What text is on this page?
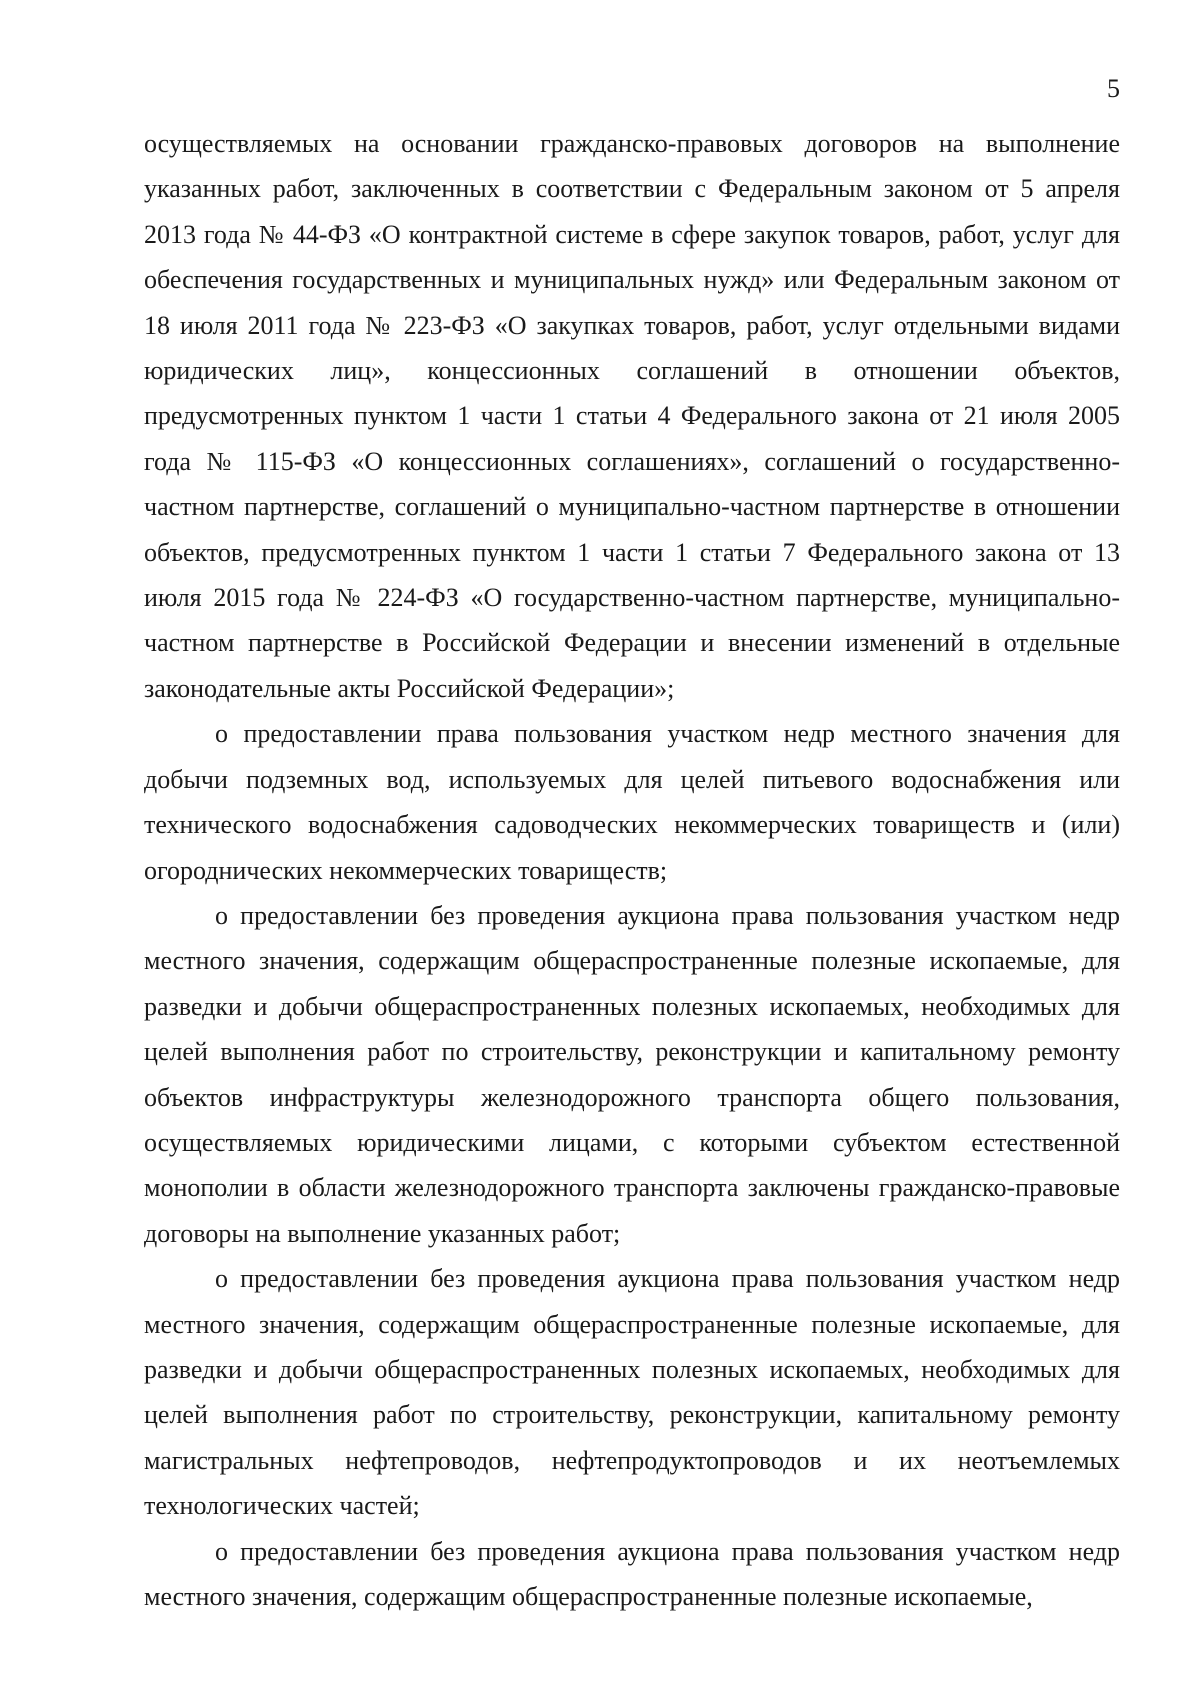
5

осуществляемых на основании гражданско-правовых договоров на выполнение указанных работ, заключенных в соответствии с Федеральным законом от 5 апреля 2013 года № 44-ФЗ «О контрактной системе в сфере закупок товаров, работ, услуг для обеспечения государственных и муниципальных нужд» или Федеральным законом от 18 июля 2011 года № 223-ФЗ «О закупках товаров, работ, услуг отдельными видами юридических лиц», концессионных соглашений в отношении объектов, предусмотренных пунктом 1 части 1 статьи 4 Федерального закона от 21 июля 2005 года № 115-ФЗ «О концессионных соглашениях», соглашений о государственно-частном партнерстве, соглашений о муниципально-частном партнерстве в отношении объектов, предусмотренных пунктом 1 части 1 статьи 7 Федерального закона от 13 июля 2015 года № 224-ФЗ «О государственно-частном партнерстве, муниципально-частном партнерстве в Российской Федерации и внесении изменений в отдельные законодательные акты Российской Федерации»;

о предоставлении права пользования участком недр местного значения для добычи подземных вод, используемых для целей питьевого водоснабжения или технического водоснабжения садоводческих некоммерческих товариществ и (или) огороднических некоммерческих товариществ;

о предоставлении без проведения аукциона права пользования участком недр местного значения, содержащим общераспространенные полезные ископаемые, для разведки и добычи общераспространенных полезных ископаемых, необходимых для целей выполнения работ по строительству, реконструкции и капитальному ремонту объектов инфраструктуры железнодорожного транспорта общего пользования, осуществляемых юридическими лицами, с которыми субъектом естественной монополии в области железнодорожного транспорта заключены гражданско-правовые договоры на выполнение указанных работ;

о предоставлении без проведения аукциона права пользования участком недр местного значения, содержащим общераспространенные полезные ископаемые, для разведки и добычи общераспространенных полезных ископаемых, необходимых для целей выполнения работ по строительству, реконструкции, капитальному ремонту магистральных нефтепроводов, нефтепродуктопроводов и их неотъемлемых технологических частей;

о предоставлении без проведения аукциона права пользования участком недр местного значения, содержащим общераспространенные полезные ископаемые,
